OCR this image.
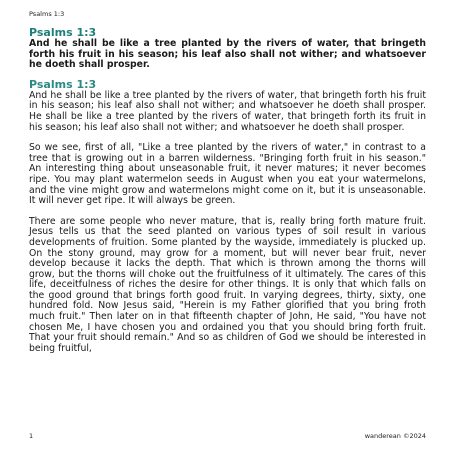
Psalms 1:3
Psalms 1:3

And he shall be like a tree planted by the rivers of water, that bringeth forth his fruit in his season; his leaf also shall not wither; and whatsoever he doeth shall prosper.

Psalms 1:3

And he shall be like a tree planted by the rivers of water, that bringeth forth his fruit in his season; his leaf also shall not wither; and whatsoever he doeth shall prosper. He shall be like a tree planted by the rivers of water, that bringeth forth its fruit in his season; his leaf also shall not wither; and whatsoever he doeth shall prosper.

So we see, first of all, "Like a tree planted by the rivers of water," in contrast to a tree that is growing out in a barren wilderness. "Bringing forth fruit in his season." An interesting thing about unseasonable fruit, it never matures; it never becomes ripe. You may plant watermelon seeds in August when you eat your watermelons, and the vine might grow and watermelons might come on it, but it is unseasonable. It will never get ripe. It will always be green.

There are some people who never mature, that is, really bring forth mature fruit. Jesus tells us that the seed planted on various types of soil result in various developments of fruition. Some planted by the wayside, immediately is plucked up. On the stony ground, may grow for a moment, but will never bear fruit, never develop because it lacks the depth. That which is thrown among the thorns will grow, but the thorns will choke out the fruitfulness of it ultimately. The cares of this life, deceitfulness of riches the desire for other things. It is only that which falls on the good ground that brings forth good fruit. In varying degrees, thirty, sixty, one hundred fold. Now Jesus said, "Herein is my Father glorified that you bring froth much fruit." Then later on in that fifteenth chapter of John, He said, "You have not chosen Me, I have chosen you and ordained you that you should bring forth fruit. That your fruit should remain." And so as children of God we should be interested in being fruitful,

1	wanderean ©2024
